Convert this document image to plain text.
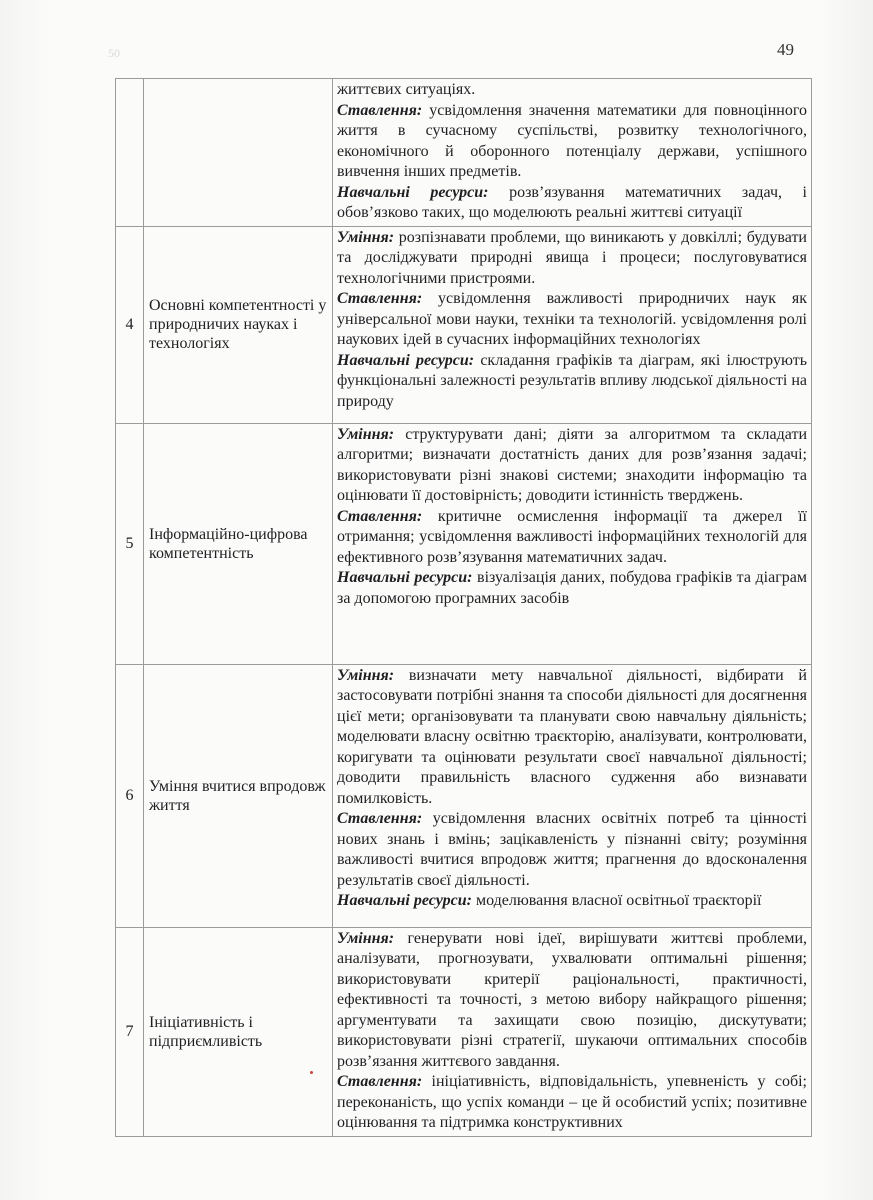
50	49

		життєвих ситуаціях.
Ставлення: усвідомлення значення математики для повноцінного життя в сучасному суспільстві, розвитку технологічного, економічного й оборонного потенціалу держави, успішного вивчення інших предметів.
Навчальні ресурси: розв’язування математичних задач, і обов’язково таких, що моделюють реальні життєві ситуації

4	Основні компетентності у природничих науках і технологіях	Уміння: розпізнавати проблеми, що виникають у довкіллі; будувати та досліджувати природні явища і процеси; послуговуватися технологічними пристроями.
Ставлення: усвідомлення важливості природничих наук як універсальної мови науки, техніки та технологій. усвідомлення ролі наукових ідей в сучасних інформаційних технологіях
Навчальні ресурси: складання графіків та діаграм, які ілюструють функціональні залежності результатів впливу людської діяльності на природу

5	Інформаційно-цифрова компетентність	Уміння: структурувати дані; діяти за алгоритмом та складати алгоритми; визначати достатність даних для розв’язання задачі; використовувати різні знакові системи; знаходити інформацію та оцінювати її достовірність; доводити істинність тверджень.
Ставлення: критичне осмислення інформації та джерел її отримання; усвідомлення важливості інформаційних технологій для ефективного розв’язування математичних задач.
Навчальні ресурси: візуалізація даних, побудова графіків та діаграм за допомогою програмних засобів

6	Уміння вчитися впродовж життя	Уміння: визначати мету навчальної діяльності, відбирати й застосовувати потрібні знання та способи діяльності для досягнення цієї мети; організовувати та планувати свою навчальну діяльність; моделювати власну освітню траєкторію, аналізувати, контролювати, коригувати та оцінювати результати своєї навчальної діяльності; доводити правильність власного судження або визнавати помилковість.
Ставлення: усвідомлення власних освітніх потреб та цінності нових знань і вмінь; зацікавленість у пізнанні світу; розуміння важливості вчитися впродовж життя; прагнення до вдосконалення результатів своєї діяльності.
Навчальні ресурси: моделювання власної освітньої траєкторії

7	Ініціативність і підприємливість	Уміння: генерувати нові ідеї, вирішувати життєві проблеми, аналізувати, прогнозувати, ухвалювати оптимальні рішення; використовувати критерії раціональності, практичності, ефективності та точності, з метою вибору найкращого рішення; аргументувати та захищати свою позицію, дискутувати; використовувати різні стратегії, шукаючи оптимальних способів розв’язання життєвого завдання.
Ставлення: ініціативність, відповідальність, упевненість у собі; переконаність, що успіх команди – це й особистий успіх; позитивне оцінювання та підтримка конструктивних
